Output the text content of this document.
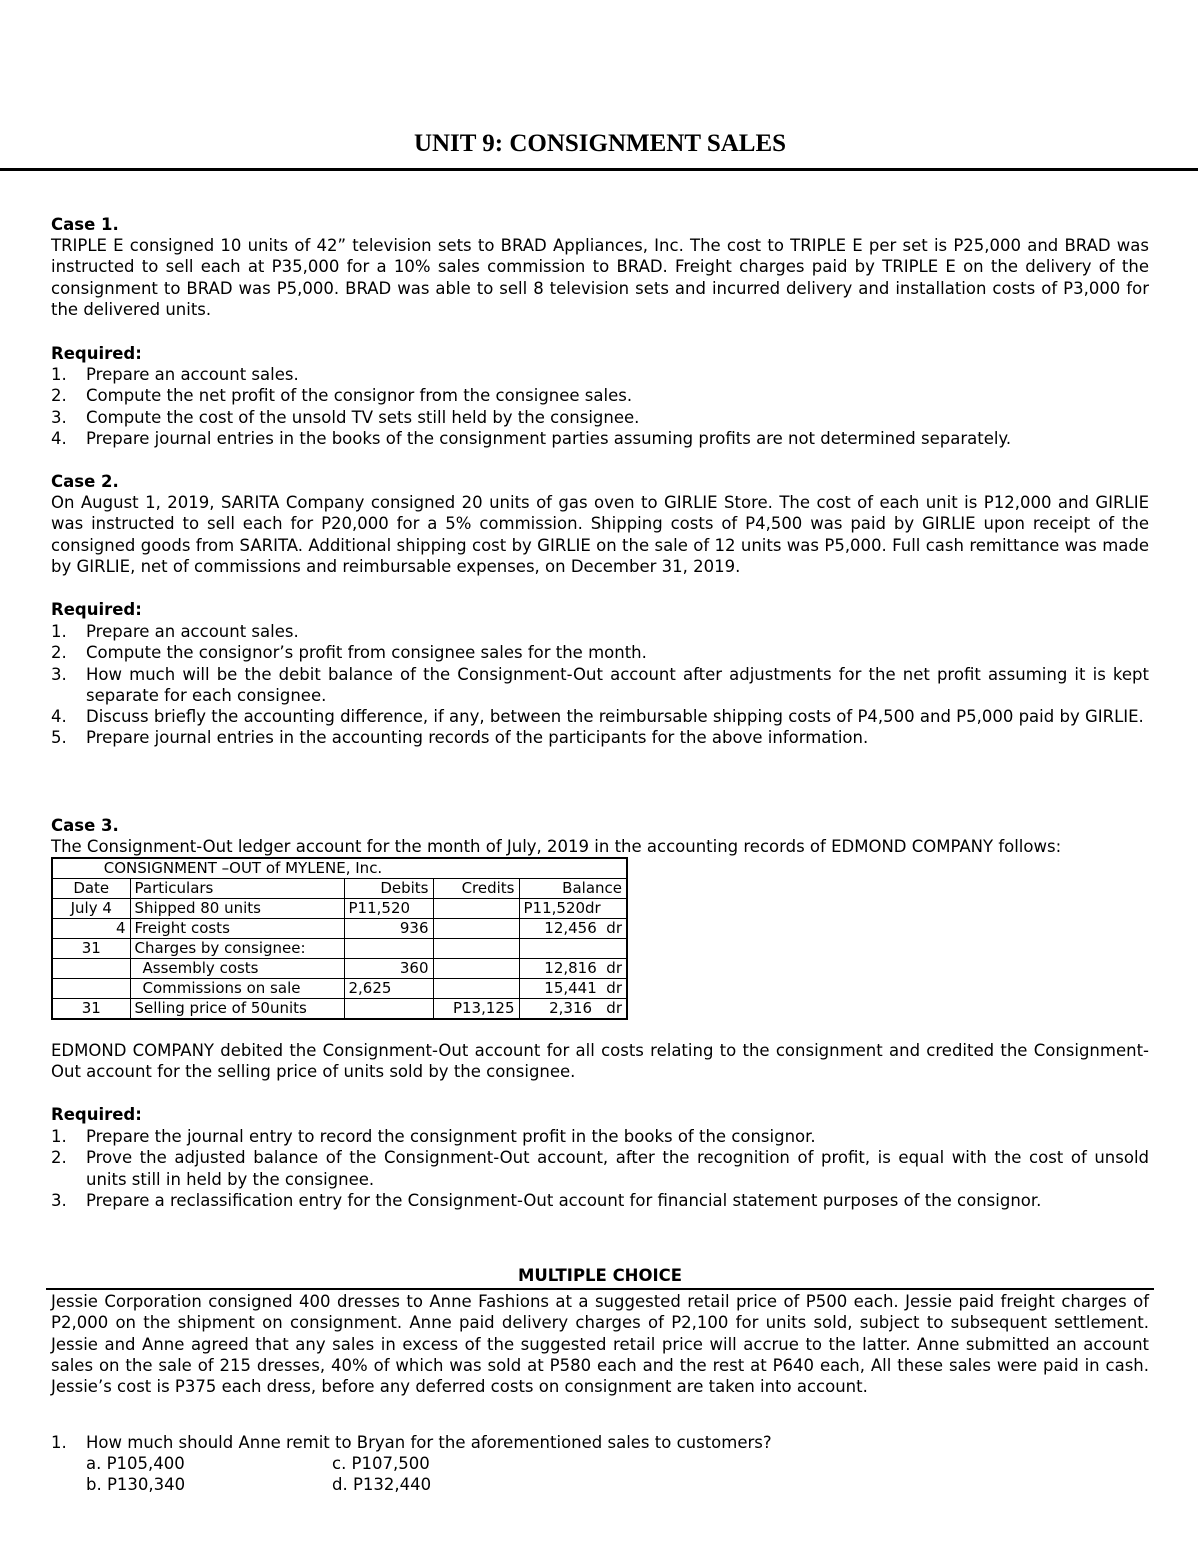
UNIT 9: CONSIGNMENT SALES
Case 1.

TRIPLE E consigned 10 units of 42” television sets to BRAD Appliances, Inc. The cost to TRIPLE E per set is P25,000 and BRAD was instructed to sell each at P35,000 for a 10% sales commission to BRAD. Freight charges paid by TRIPLE E on the delivery of the consignment to BRAD was P5,000. BRAD was able to sell 8 television sets and incurred delivery and installation costs of P3,000 for the delivered units.

Required:
1. Prepare an account sales.
2. Compute the net profit of the consignor from the consignee sales.
3. Compute the cost of the unsold TV sets still held by the consignee.
4. Prepare journal entries in the books of the consignment parties assuming profits are not determined separately.
Case 2.

On August 1, 2019, SARITA Company consigned 20 units of gas oven to GIRLIE Store. The cost of each unit is P12,000 and GIRLIE was instructed to sell each for P20,000 for a 5% commission. Shipping costs of P4,500 was paid by GIRLIE upon receipt of the consigned goods from SARITA. Additional shipping cost by GIRLIE on the sale of 12 units was P5,000. Full cash remittance was made by GIRLIE, net of commissions and reimbursable expenses, on December 31, 2019.

Required:
1. Prepare an account sales.
2. Compute the consignor’s profit from consignee sales for the month.
3. How much will be the debit balance of the Consignment-Out account after adjustments for the net profit assuming it is kept separate for each consignee.
4. Discuss briefly the accounting difference, if any, between the reimbursable shipping costs of P4,500 and P5,000 paid by GIRLIE.
5. Prepare journal entries in the accounting records of the participants for the above information.
Case 3.

The Consignment-Out ledger account for the month of July, 2019 in the accounting records of EDMOND COMPANY follows:

CONSIGNMENT –OUT of MYLENE, Inc.				
Date	Particulars	Debits	Credits	Balance
July 4	Shipped 80 units	P11,520		P11,520dr
4	Freight costs	936		12,456  dr
31	Charges by consignee:			
	Assembly costs	360		12,816  dr
	Commissions on sale	2,625		15,441  dr
31	Selling price of 50units		P13,125	2,316   dr

EDMOND COMPANY debited the Consignment-Out account for all costs relating to the consignment and credited the Consignment-Out account for the selling price of units sold by the consignee.

Required:
1. Prepare the journal entry to record the consignment profit in the books of the consignor.
2. Prove the adjusted balance of the Consignment-Out account, after the recognition of profit, is equal with the cost of unsold units still in held by the consignee.
3. Prepare a reclassification entry for the Consignment-Out account for financial statement purposes of the consignor.
MULTIPLE CHOICE

Jessie Corporation consigned 400 dresses to Anne Fashions at a suggested retail price of P500 each. Jessie paid freight charges of P2,000 on the shipment on consignment. Anne paid delivery charges of P2,100 for units sold, subject to subsequent settlement. Jessie and Anne agreed that any sales in excess of the suggested retail price will accrue to the latter. Anne submitted an account sales on the sale of 215 dresses, 40% of which was sold at P580 each and the rest at P640 each, All these sales were paid in cash. Jessie’s cost is P375 each dress, before any deferred costs on consignment are taken into account.

1. How much should Anne remit to Bryan for the aforementioned sales to customers?
a. P105,400	c. P107,500
b. P130,340	d. P132,440
